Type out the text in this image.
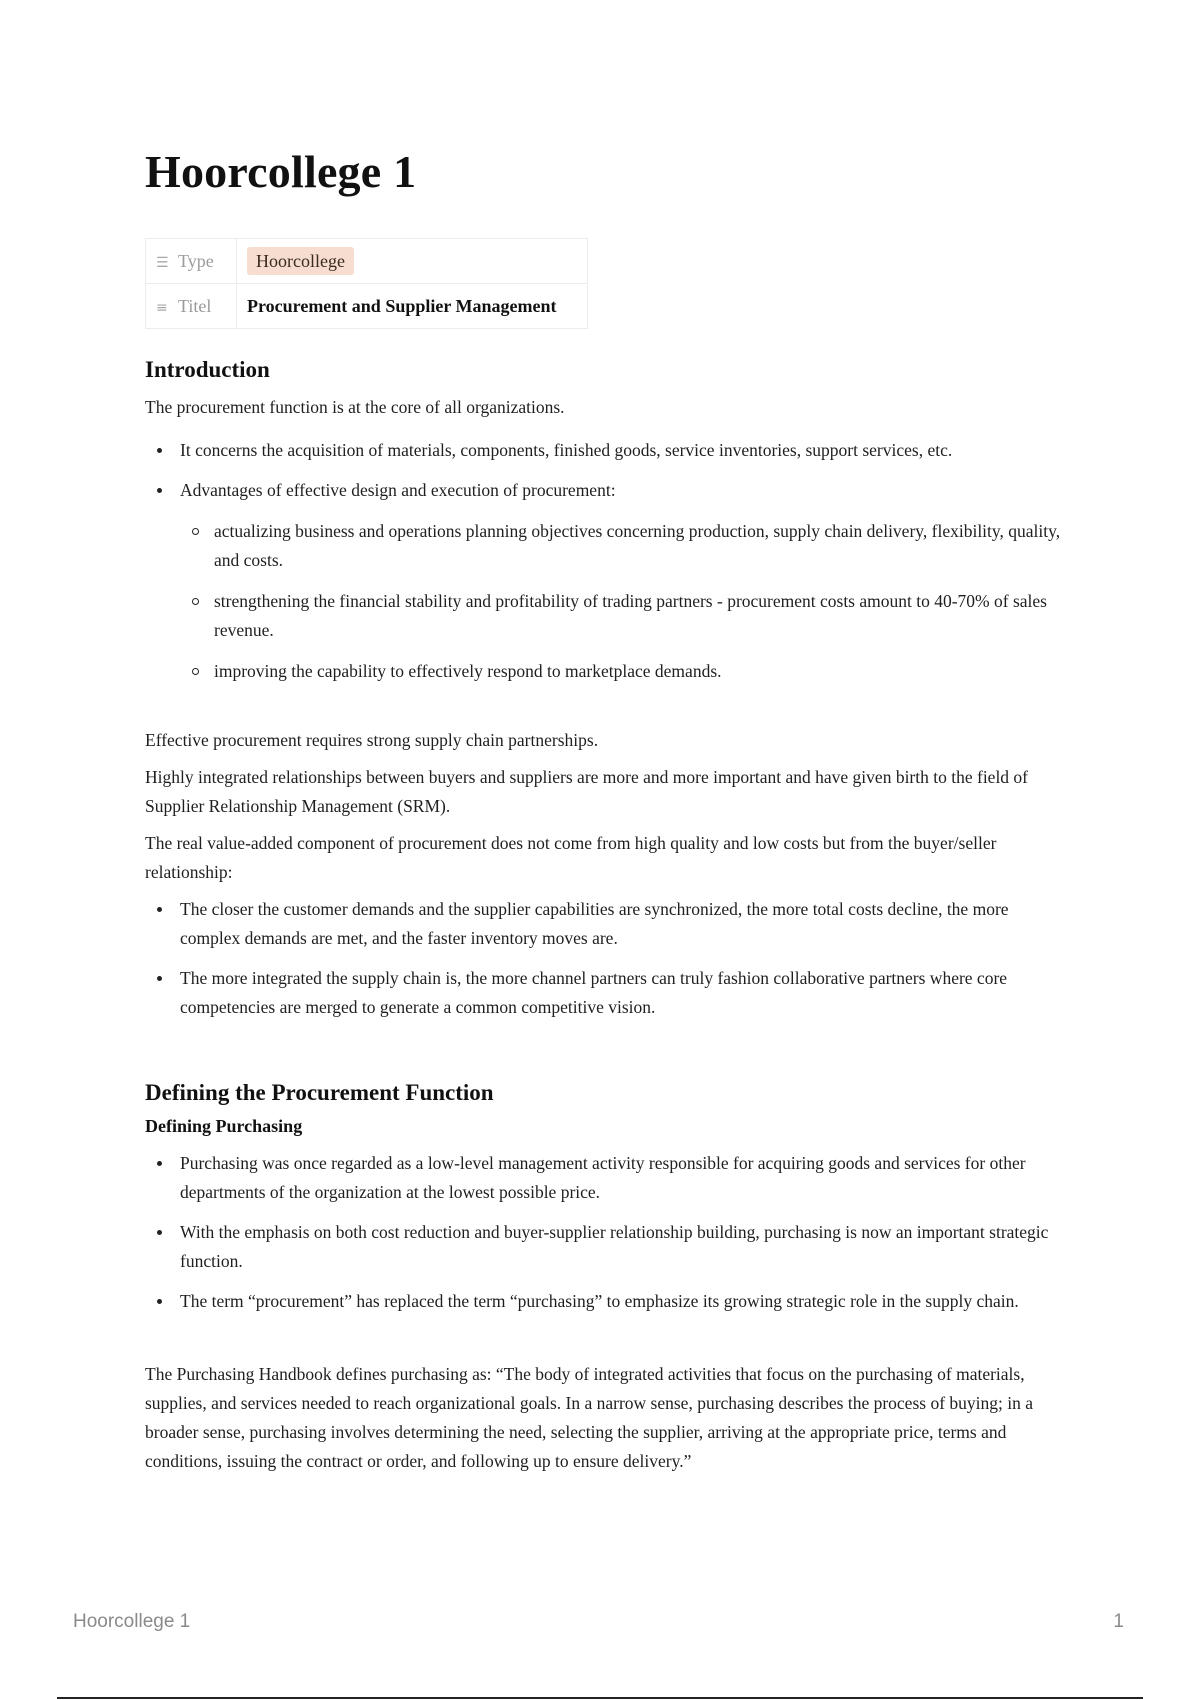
Hoorcollege 1
☰ Type	Hoorcollege
≡ Titel	Procurement and Supplier Management
Introduction

The procurement function is at the core of all organizations.

It concerns the acquisition of materials, components, finished goods, service inventories, support services, etc.
Advantages of effective design and execution of procurement:
actualizing business and operations planning objectives concerning production, supply chain delivery, flexibility, quality, and costs.
strengthening the financial stability and profitability of trading partners - procurement costs amount to 40-70% of sales revenue.
improving the capability to effectively respond to marketplace demands.

Effective procurement requires strong supply chain partnerships.

Highly integrated relationships between buyers and suppliers are more and more important and have given birth to the field of Supplier Relationship Management (SRM).

The real value-added component of procurement does not come from high quality and low costs but from the buyer/seller relationship:

The closer the customer demands and the supplier capabilities are synchronized, the more total costs decline, the more complex demands are met, and the faster inventory moves are.
The more integrated the supply chain is, the more channel partners can truly fashion collaborative partners where core competencies are merged to generate a common competitive vision.
Defining the Procurement Function
Defining Purchasing
Purchasing was once regarded as a low-level management activity responsible for acquiring goods and services for other departments of the organization at the lowest possible price.
With the emphasis on both cost reduction and buyer-supplier relationship building, purchasing is now an important strategic function.
The term “procurement” has replaced the term “purchasing” to emphasize its growing strategic role in the supply chain.

The Purchasing Handbook defines purchasing as: “The body of integrated activities that focus on the purchasing of materials, supplies, and services needed to reach organizational goals. In a narrow sense, purchasing describes the process of buying; in a broader sense, purchasing involves determining the need, selecting the supplier, arriving at the appropriate price, terms and conditions, issuing the contract or order, and following up to ensure delivery.”

Hoorcollege 1	1
